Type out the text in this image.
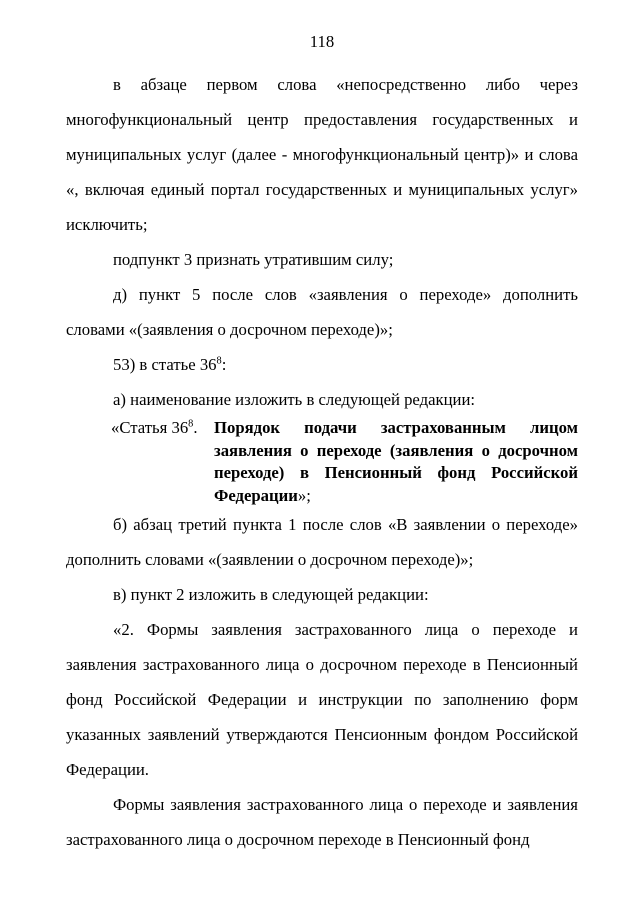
118

в абзаце первом слова «непосредственно либо через многофункциональный центр предоставления государственных и муниципальных услуг (далее - многофункциональный центр)» и слова «, включая единый портал государственных и муниципальных услуг» исключить;

подпункт 3 признать утратившим силу;

д) пункт 5 после слов «заявления о переходе» дополнить словами «(заявления о досрочном переходе)»;

53) в статье $36^8$:

а) наименование изложить в следующей редакции:

«Статья $36^8$. Порядок подачи застрахованным лицом заявления о переходе (заявления о досрочном переходе) в Пенсионный фонд Российской Федерации»;

б) абзац третий пункта 1 после слов «В заявлении о переходе» дополнить словами «(заявлении о досрочном переходе)»;

в) пункт 2 изложить в следующей редакции:

«2. Формы заявления застрахованного лица о переходе и заявления застрахованного лица о досрочном переходе в Пенсионный фонд Российской Федерации и инструкции по заполнению форм указанных заявлений утверждаются Пенсионным фондом Российской Федерации.

Формы заявления застрахованного лица о переходе и заявления застрахованного лица о досрочном переходе в Пенсионный фонд
